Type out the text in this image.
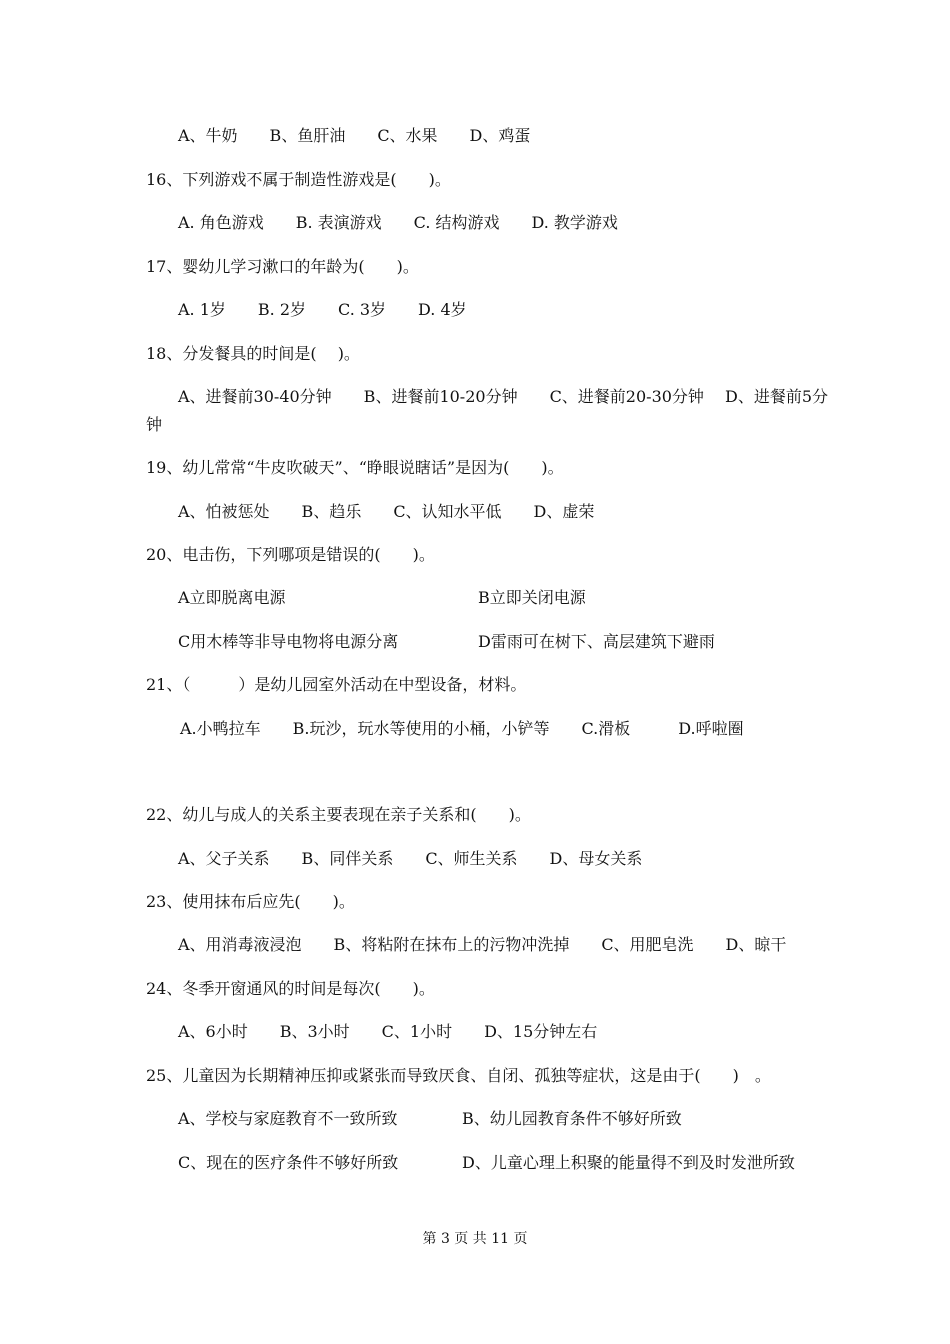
A、牛奶　　B、鱼肝油　　C、水果　　D、鸡蛋
16、下列游戏不属于制造性游戏是(　　)。
A. 角色游戏　　B. 表演游戏　　C. 结构游戏　　D. 教学游戏
17、婴幼儿学习漱口的年龄为(　　)。
A. 1岁　　B. 2岁　　C. 3岁　　D. 4岁
18、分发餐具的时间是(　 )。
A、进餐前30-40分钟　　B、进餐前10-20分钟　　C、进餐前20-30分钟　 D、进餐前5分
钟
19、幼儿常常“牛皮吹破天”、“睁眼说瞎话”是因为(　　)。
A、怕被惩处　　B、趋乐　　C、认知水平低　　D、虚荣
20、电击伤，下列哪项是错误的(　　)。
A立即脱离电源	B立即关闭电源
C用木棒等非导电物将电源分离	D雷雨可在树下、高层建筑下避雨
21、（　　　）是幼儿园室外活动在中型设备，材料。
A.小鸭拉车　　B.玩沙，玩水等使用的小桶，小铲等　　C.滑板　　　D.呼啦圈
22、幼儿与成人的关系主要表现在亲子关系和(　　)。
A、父子关系　　B、同伴关系　　C、师生关系　　D、母女关系
23、使用抹布后应先(　　)。
A、用消毒液浸泡　　B、将粘附在抹布上的污物冲洗掉　　C、用肥皂洗　　D、晾干
24、冬季开窗通风的时间是每次(　　)。
A、6小时　　B、3小时　　C、1小时　　D、15分钟左右
25、儿童因为长期精神压抑或紧张而导致厌食、自闭、孤独等症状，这是由于(　　)　。
A、学校与家庭教育不一致所致	B、幼儿园教育条件不够好所致
C、现在的医疗条件不够好所致	D、儿童心理上积聚的能量得不到及时发泄所致
第 3 页 共 11 页
